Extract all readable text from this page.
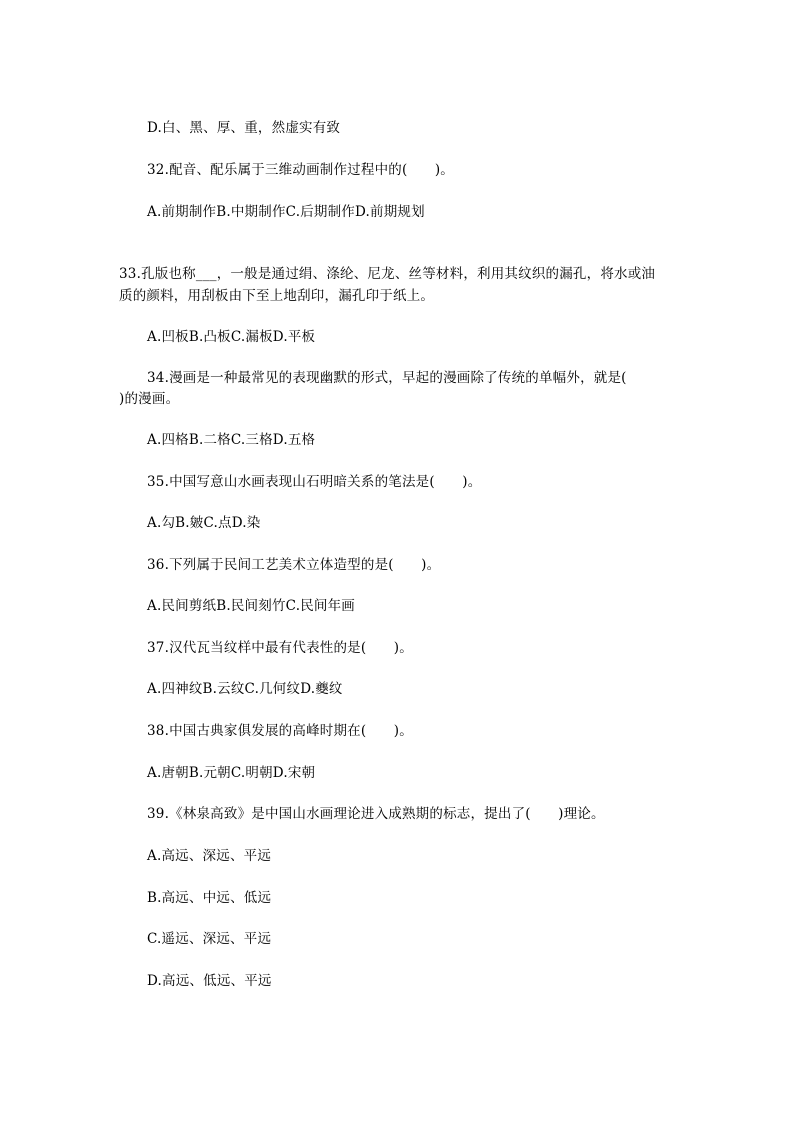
D.白、黑、厚、重，然虚实有致
32.配音、配乐属于三维动画制作过程中的(　　)。
A.前期制作B.中期制作C.后期制作D.前期规划
33.孔版也称___，一般是通过绢、涤纶、尼龙、丝等材料，利用其纹织的漏孔，将水或油
质的颜料，用刮板由下至上地刮印，漏孔印于纸上。
A.凹板B.凸板C.漏板D.平板
34.漫画是一种最常见的表现幽默的形式，早起的漫画除了传统的单幅外，就是(
)的漫画。
A.四格B.二格C.三格D.五格
35.中国写意山水画表现山石明暗关系的笔法是(　　)。
A.勾B.皴C.点D.染
36.下列属于民间工艺美术立体造型的是(　　)。
A.民间剪纸B.民间刻竹C.民间年画
37.汉代瓦当纹样中最有代表性的是(　　)。
A.四神纹B.云纹C.几何纹D.夔纹
38.中国古典家俱发展的高峰时期在(　　)。
A.唐朝B.元朝C.明朝D.宋朝
39.《林泉高致》是中国山水画理论进入成熟期的标志，提出了(　　)理论。
A.高远、深远、平远
B.高远、中远、低远
C.遥远、深远、平远
D.高远、低远、平远
